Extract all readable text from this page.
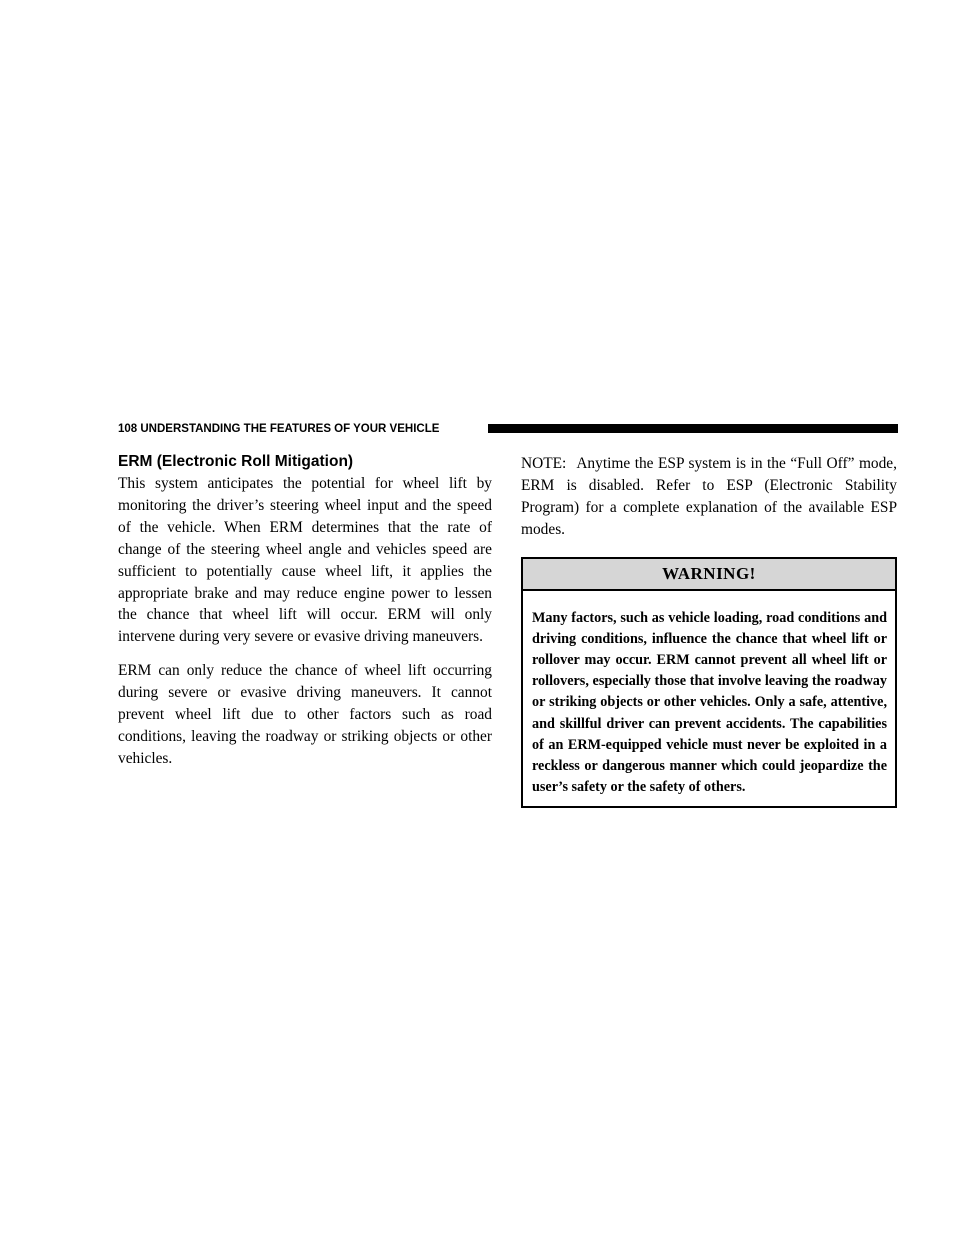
108 UNDERSTANDING THE FEATURES OF YOUR VEHICLE
ERM (Electronic Roll Mitigation)

This system anticipates the potential for wheel lift by monitoring the driver’s steering wheel input and the speed of the vehicle. When ERM determines that the rate of change of the steering wheel angle and vehicles speed are sufficient to potentially cause wheel lift, it applies the appropriate brake and may reduce engine power to lessen the chance that wheel lift will occur. ERM will only intervene during very severe or evasive driving maneuvers.

ERM can only reduce the chance of wheel lift occurring during severe or evasive driving maneuvers. It cannot prevent wheel lift due to other factors such as road conditions, leaving the roadway or striking objects or other vehicles.

NOTE: Anytime the ESP system is in the “Full Off” mode, ERM is disabled. Refer to ESP (Electronic Stability Program) for a complete explanation of the available ESP modes.

WARNING!
Many factors, such as vehicle loading, road conditions and driving conditions, influence the chance that wheel lift or rollover may occur. ERM cannot prevent all wheel lift or rollovers, especially those that involve leaving the roadway or striking objects or other vehicles. Only a safe, attentive, and skillful driver can prevent accidents. The capabilities of an ERM-equipped vehicle must never be exploited in a reckless or dangerous manner which could jeopardize the user’s safety or the safety of others.
